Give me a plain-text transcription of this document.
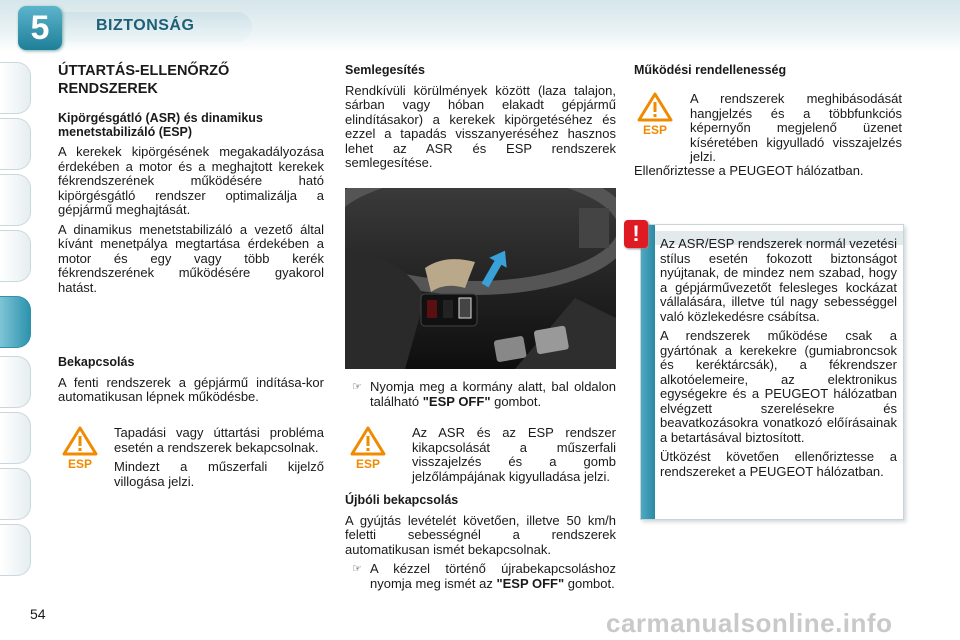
5	BIZTONSÁG
ÚTTARTÁS-ELLENŐRZŐ RENDSZEREK
Kipörgésgátló (ASR) és dinamikus menetstabilizáló (ESP)

A kerekek kipörgésének megakadályozása érdekében a motor és a meghajtott kerekek fékrendszerének működésére ható kipörgésgátló rendszer optimalizálja a gépjármű meghajtását.

A dinamikus menetstabilizáló a vezető által kívánt menetpálya megtartása érdekében a motor és egy vagy több kerék fékrendszerének működésére gyakorol hatást.

Bekapcsolás

A fenti rendszerek a gépjármű indítása-kor automatikusan lépnek működésbe.

ESP

Tapadási vagy úttartási probléma esetén a rendszerek bekapcsolnak.

Mindezt a műszerfali kijelző villogása jelzi.

Semlegesítés

Rendkívüli körülmények között (laza talajon, sárban vagy hóban elakadt gépjármű elindításakor) a kerekek kipörgetéséhez és ezzel a tapadás visszanyeréséhez hasznos lehet az ASR és ESP rendszerek semlegesítése.

☞ Nyomja meg a kormány alatt, bal oldalon található "ESP OFF" gombot.
ESP

Az ASR és az ESP rendszer kikapcsolását a műszerfali visszajelzés és a gomb jelzőlámpájának kigyulladása jelzi.

Újbóli bekapcsolás

A gyújtás levételét követően, illetve 50 km/h feletti sebességnél a rendszerek automatikusan ismét bekapcsolnak.

☞ A kézzel történő újrabekapcsoláshoz nyomja meg ismét az "ESP OFF" gombot.
Működési rendellenesség
ESP

A rendszerek meghibásodását hangjelzés és a többfunkciós képernyőn megjelenő üzenet kíséretében kigyulladó visszajelzés jelzi.

Ellenőriztesse a PEUGEOT hálózatban.

Az ASR/ESP rendszerek normál vezetési stílus esetén fokozott biztonságot nyújtanak, de mindez nem szabad, hogy a gépjárművezetőt felesleges kockázat vállalására, illetve túl nagy sebességgel való közlekedésre csábítsa.

A rendszerek működése csak a gyártónak a kerekekre (gumiabroncsok és keréktárcsák), a fékrendszer alkotóelemeire, az elektronikus egységekre és a PEUGEOT hálózatban elvégzett szerelésekre és beavatkozásokra vonatkozó előírásainak a betartásával biztosított.

Ütközést követően ellenőriztesse a rendszereket a PEUGEOT hálózatban.

!
54	carmanualsonline.info
